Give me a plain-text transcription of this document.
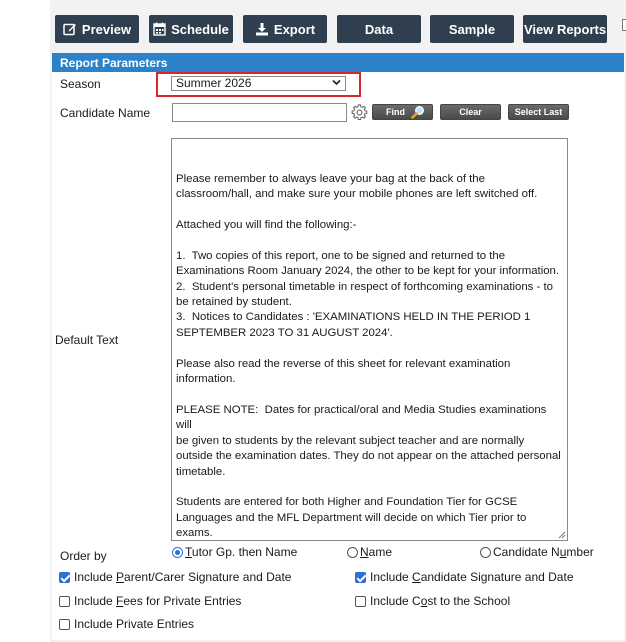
Preview	Schedule	Export	Data	Sample View Reports
Report Parameters
Season	Summer 2026
Candidate Name	Find	Clear	Select Last
Default Text

Please remember to always leave your bag at the back of the
classroom/hall, and make sure your mobile phones are left switched off.

Attached you will find the following:-

1.  Two copies of this report, one to be signed and returned to the
Examinations Room January 2024, the other to be kept for your information.
2.  Student's personal timetable in respect of forthcoming examinations - to
be retained by student.
3.  Notices to Candidates : 'EXAMINATIONS HELD IN THE PERIOD 1
SEPTEMBER 2023 TO 31 AUGUST 2024'.

Please also read the reverse of this sheet for relevant examination
information.

PLEASE NOTE:  Dates for practical/oral and Media Studies examinations will
be given to students by the relevant subject teacher and are normally
outside the examination dates. They do not appear on the attached personal
timetable.

Students are entered for both Higher and Foundation Tier for GCSE
Languages and the MFL Department will decide on which Tier prior to
exams.

Order by	Tutor Gp. then Name	Name	Candidate Number
Include Parent/Carer Signature and Date	Include Candidate Signature and Date
Include Fees for Private Entries	Include Cost to the School
Include Private Entries
